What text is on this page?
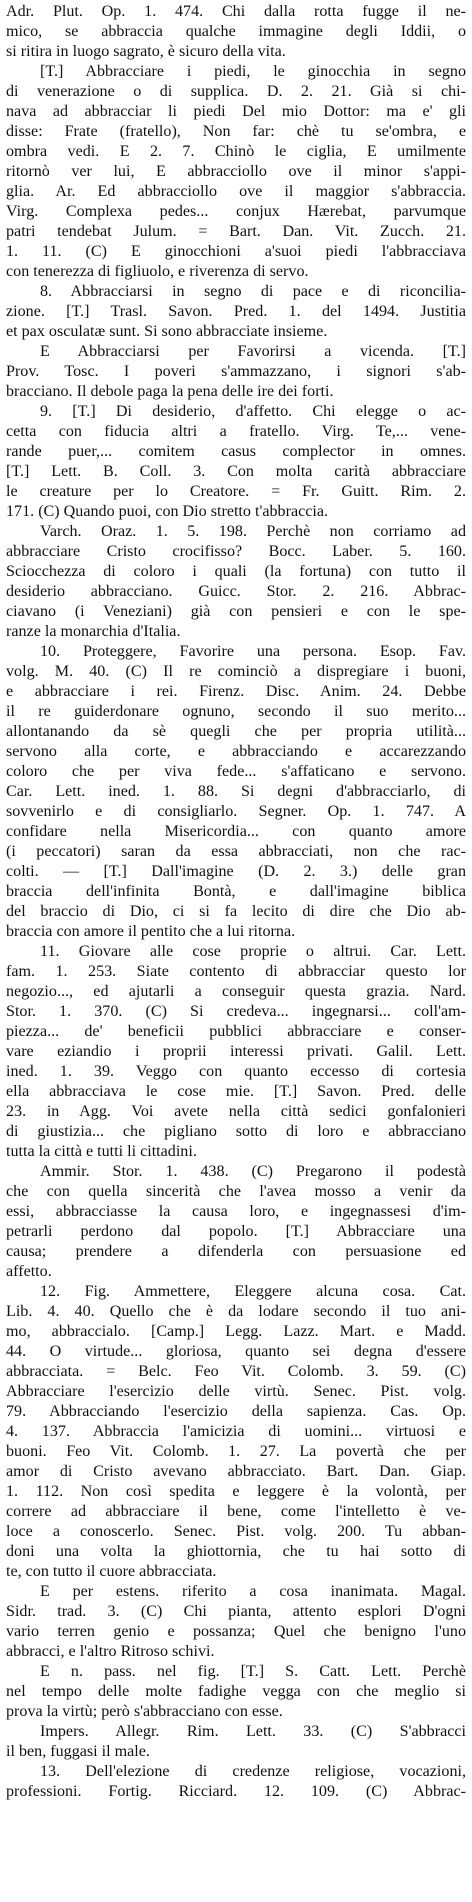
Adr. Plut. Op. 1. 474. Chi dalla rotta fugge il ne-
mico, se abbraccia qualche immagine degli Iddii, o
si ritira in luogo sagrato, è sicuro della vita.
[T.] Abbracciare i piedi, le ginocchia in segno
di venerazione o di supplica. D. 2. 21. Già si chi-
nava ad abbracciar li piedi Del mio Dottor: ma e' gli
disse: Frate (fratello), Non far: chè tu se'ombra, e
ombra vedi. E 2. 7. Chinò le ciglia, E umilmente
ritornò ver lui, E abbracciollo ove il minor s'appi-
glia. Ar. Ed abbracciollo ove il maggior s'abbraccia.
Virg. Complexa pedes... conjux Hærebat, parvumque
patri tendebat Julum. = Bart. Dan. Vit. Zucch. 21.
1. 11. (C) E ginocchioni a'suoi piedi l'abbracciava
con tenerezza di figliuolo, e riverenza di servo.
8. Abbracciarsi in segno di pace e di riconcilia-
zione. [T.] Trasl. Savon. Pred. 1. del 1494. Justitia
et pax osculatæ sunt. Si sono abbracciate insieme.
E Abbracciarsi per Favorirsi a vicenda. [T.]
Prov. Tosc. I poveri s'ammazzano, i signori s'ab-
bracciano. Il debole paga la pena delle ire dei forti.
9. [T.] Di desiderio, d'affetto. Chi elegge o ac-
cetta con fiducia altri a fratello. Virg. Te,... vene-
rande puer,... comitem casus complector in omnes.
[T.] Lett. B. Coll. 3. Con molta carità abbracciare
le creature per lo Creatore. = Fr. Guitt. Rim. 2.
171. (C) Quando puoi, con Dio stretto t'abbraccia.
Varch. Oraz. 1. 5. 198. Perchè non corriamo ad
abbracciare Cristo crocifisso? Bocc. Laber. 5. 160.
Sciocchezza di coloro i quali (la fortuna) con tutto il
desiderio abbracciano. Guicc. Stor. 2. 216. Abbrac-
ciavano (i Veneziani) già con pensieri e con le spe-
ranze la monarchia d'Italia.
10. Proteggere, Favorire una persona. Esop. Fav.
volg. M. 40. (C) Il re cominciò a dispregiare i buoni,
e abbracciare i rei. Firenz. Disc. Anim. 24. Debbe
il re guiderdonare ognuno, secondo il suo merito...
allontanando da sè quegli che per propria utilità...
servono alla corte, e abbracciando e accarezzando
coloro che per viva fede... s'affaticano e servono.
Car. Lett. ined. 1. 88. Si degni d'abbracciarlo, di
sovvenirlo e di consigliarlo. Segner. Op. 1. 747. A
confidare nella Misericordia... con quanto amore
(i peccatori) saran da essa abbracciati, non che rac-
colti. — [T.] Dall'imagine (D. 2. 3.) delle gran
braccia dell'infinita Bontà, e dall'imagine biblica
del braccio di Dio, ci si fa lecito di dire che Dio ab-
braccia con amore il pentito che a lui ritorna.
11. Giovare alle cose proprie o altrui. Car. Lett.
fam. 1. 253. Siate contento di abbracciar questo lor
negozio..., ed ajutarli a conseguir questa grazia. Nard.
Stor. 1. 370. (C) Si credeva... ingegnarsi... coll'am-
piezza... de' beneficii pubblici abbracciare e conser-
vare eziandio i proprii interessi privati. Galil. Lett.
ined. 1. 39. Veggo con quanto eccesso di cortesia
ella abbracciava le cose mie. [T.] Savon. Pred. delle
23. in Agg. Voi avete nella città sedici gonfalonieri
di giustizia... che pigliano sotto di loro e abbracciano
tutta la città e tutti li cittadini.
Ammir. Stor. 1. 438. (C) Pregarono il podestà
che con quella sincerità che l'avea mosso a venir da
essi, abbracciasse la causa loro, e ingegnassesi d'im-
petrarli perdono dal popolo. [T.] Abbracciare una
causa; prendere a difenderla con persuasione ed
affetto.
12. Fig. Ammettere, Eleggere alcuna cosa. Cat.
Lib. 4. 40. Quello che è da lodare secondo il tuo ani-
mo, abbraccialo. [Camp.] Legg. Lazz. Mart. e Madd.
44. O virtude... gloriosa, quanto sei degna d'essere
abbracciata. = Belc. Feo Vit. Colomb. 3. 59. (C)
Abbracciare l'esercizio delle virtù. Senec. Pist. volg.
79. Abbracciando l'esercizio della sapienza. Cas. Op.
4. 137. Abbraccia l'amicizia di uomini... virtuosi e
buoni. Feo Vit. Colomb. 1. 27. La povertà che per
amor di Cristo avevano abbracciato. Bart. Dan. Giap.
1. 112. Non così spedita e leggere è la volontà, per
correre ad abbracciare il bene, come l'intelletto è ve-
loce a conoscerlo. Senec. Pist. volg. 200. Tu abban-
doni una volta la ghiottornia, che tu hai sotto di
te, con tutto il cuore abbracciata.
E per estens. riferito a cosa inanimata. Magal.
Sidr. trad. 3. (C) Chi pianta, attento esplori D'ogni
vario terren genio e possanza; Quel che benigno l'uno
abbracci, e l'altro Ritroso schivi.
E n. pass. nel fig. [T.] S. Catt. Lett. Perchè
nel tempo delle molte fadighe vegga con che meglio si
prova la virtù; però s'abbracciano con esse.
Impers. Allegr. Rim. Lett. 33. (C) S'abbracci
il ben, fuggasi il male.
13. Dell'elezione di credenze religiose, vocazioni,
professioni. Fortig. Ricciard. 12. 109. (C) Abbrac-
